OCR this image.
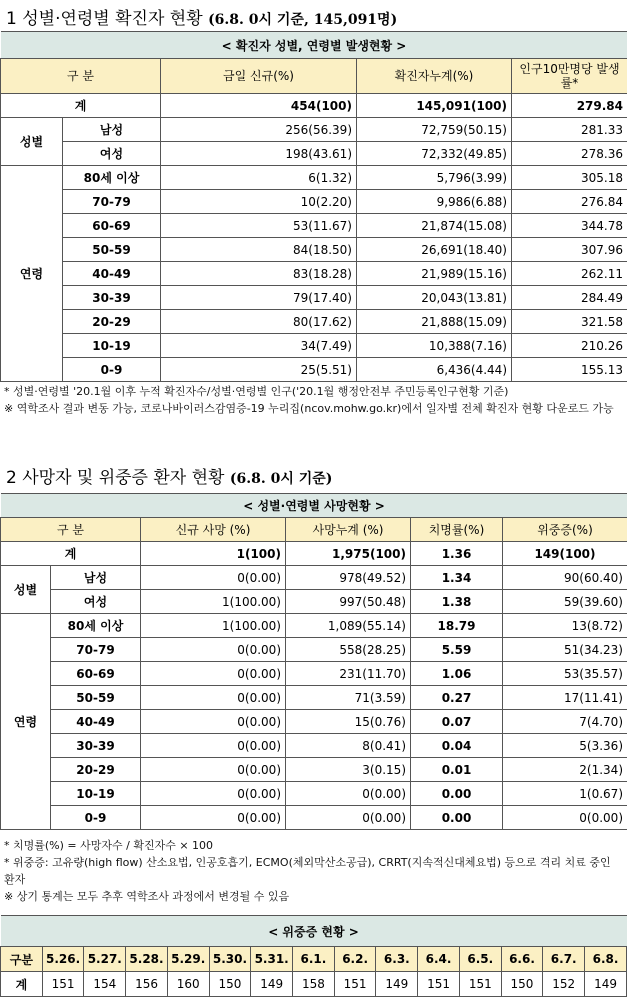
1 성별·연령별 확진자 현황 (6.8. 0시 기준, 145,091명)
< 확진자 성별, 연령별 발생현황 >				
구 분		금일 신규(%)	확진자누계(%)	인구10만명당 발생률*
계		454(100)	145,091(100)	279.84
성별	남성	256(56.39)	72,759(50.15)	281.33
	여성	198(43.61)	72,332(49.85)	278.36
연령	80세 이상	6(1.32)	5,796(3.99)	305.18
	70-79	10(2.20)	9,986(6.88)	276.84
	60-69	53(11.67)	21,874(15.08)	344.78
	50-59	84(18.50)	26,691(18.40)	307.96
	40-49	83(18.28)	21,989(15.16)	262.11
	30-39	79(17.40)	20,043(13.81)	284.49
	20-29	80(17.62)	21,888(15.09)	321.58
	10-19	34(7.49)	10,388(7.16)	210.26
	0-9	25(5.51)	6,436(4.44)	155.13
* 성별·연령별 '20.1월 이후 누적 확진자수/성별·연령별 인구('20.1월 행정안전부 주민등록인구현황 기준)
※ 역학조사 결과 변동 가능, 코로나바이러스감염증-19 누리집(ncov.mohw.go.kr)에서 일자별 전체 확진자 현황 다운로드 가능
2 사망자 및 위중증 환자 현황 (6.8. 0시 기준)
< 성별·연령별 사망현황 >					
구 분		신규 사망 (%)	사망누계 (%)	치명률(%)	위중증(%)
계		1(100)	1,975(100)	1.36	149(100)
성별	남성	0(0.00)	978(49.52)	1.34	90(60.40)
	여성	1(100.00)	997(50.48)	1.38	59(39.60)
연령	80세 이상	1(100.00)	1,089(55.14)	18.79	13(8.72)
	70-79	0(0.00)	558(28.25)	5.59	51(34.23)
	60-69	0(0.00)	231(11.70)	1.06	53(35.57)
	50-59	0(0.00)	71(3.59)	0.27	17(11.41)
	40-49	0(0.00)	15(0.76)	0.07	7(4.70)
	30-39	0(0.00)	8(0.41)	0.04	5(3.36)
	20-29	0(0.00)	3(0.15)	0.01	2(1.34)
	10-19	0(0.00)	0(0.00)	0.00	1(0.67)
	0-9	0(0.00)	0(0.00)	0.00	0(0.00)
* 치명률(%) = 사망자수 / 확진자수 × 100
* 위중증: 고유량(high flow) 산소요법, 인공호흡기, ECMO(체외막산소공급), CRRT(지속적신대체요법) 등으로 격리 치료 중인 환자
※ 상기 통계는 모두 추후 역학조사 과정에서 변경될 수 있음
< 위중증 현황 >														
구분	5.26.	5.27.	5.28.	5.29.	5.30.	5.31.	6.1.	6.2.	6.3.	6.4.	6.5.	6.6.	6.7.	6.8.
계	151	154	156	160	150	149	158	151	149	151	151	150	152	149
